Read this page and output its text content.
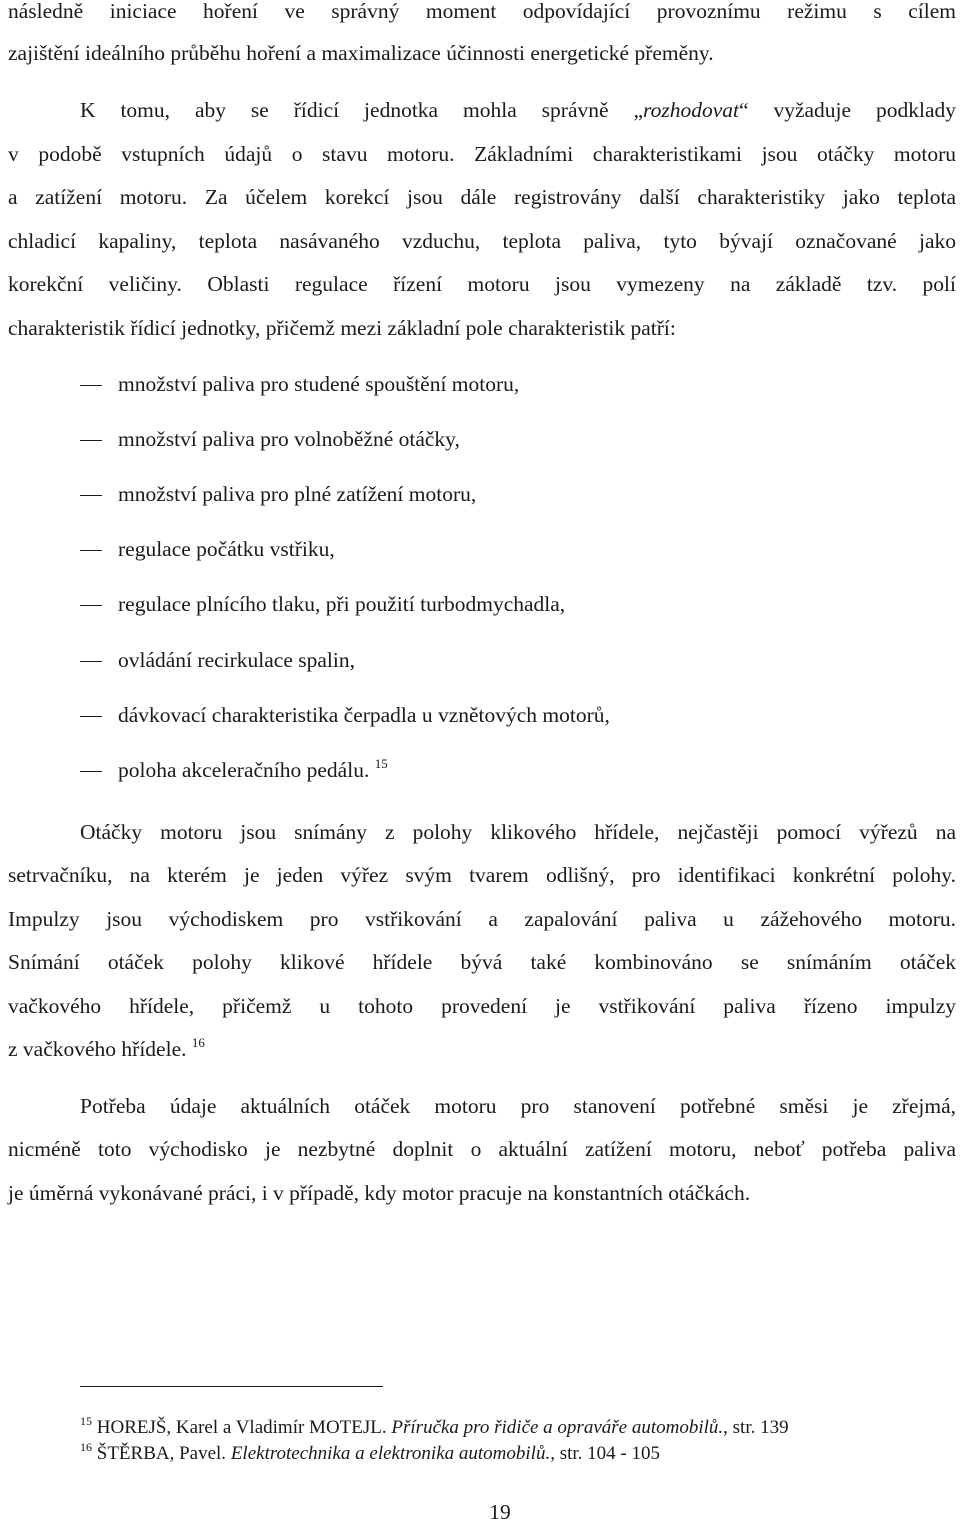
následně iniciace hoření ve správný moment odpovídající provoznímu režimu s cílem
zajištění ideálního průběhu hoření a maximalizace účinnosti energetické přeměny.
K tomu, aby se řídicí jednotka mohla správně „rozhodovat“ vyžaduje podklady
v podobě vstupních údajů o stavu motoru. Základními charakteristikami jsou otáčky motoru
a zatížení motoru. Za účelem korekcí jsou dále registrovány další charakteristiky jako teplota
chladicí kapaliny, teplota nasávaného vzduchu, teplota paliva, tyto bývají označované jako
korekční veličiny. Oblasti regulace řízení motoru jsou vymezeny na základě tzv. polí
charakteristik řídicí jednotky, přičemž mezi základní pole charakteristik patří:
množství paliva pro studené spouštění motoru,
množství paliva pro volnoběžné otáčky,
množství paliva pro plné zatížení motoru,
regulace počátku vstřiku,
regulace plnícího tlaku, při použití turbodmychadla,
ovládání recirkulace spalin,
dávkovací charakteristika čerpadla u vznětových motorů,
poloha akceleračního pedálu. $^{15}$
Otáčky motoru jsou snímány z polohy klikového hřídele, nejčastěji pomocí výřezů na
setrvačníku, na kterém je jeden výřez svým tvarem odlišný, pro identifikaci konkrétní polohy.
Impulzy jsou východiskem pro vstřikování a zapalování paliva u zážehového motoru.
Snímání otáček polohy klikové hřídele bývá také kombinováno se snímáním otáček
vačkového hřídele, přičemž u tohoto provedení je vstřikování paliva řízeno impulzy
z vačkového hřídele. $^{16}$
Potřeba údaje aktuálních otáček motoru pro stanovení potřebné směsi je zřejmá,
nicméně toto východisko je nezbytné doplnit o aktuální zatížení motoru, neboť potřeba paliva
je úměrná vykonávané práci, i v případě, kdy motor pracuje na konstantních otáčkách.
$^{15}$ HOREJŠ, Karel a Vladimír MOTEJL. Příručka pro řidiče a opraváře automobilů., str. 139
$^{16}$ ŠTĚRBA, Pavel. Elektrotechnika a elektronika automobilů., str. 104 - 105
19
